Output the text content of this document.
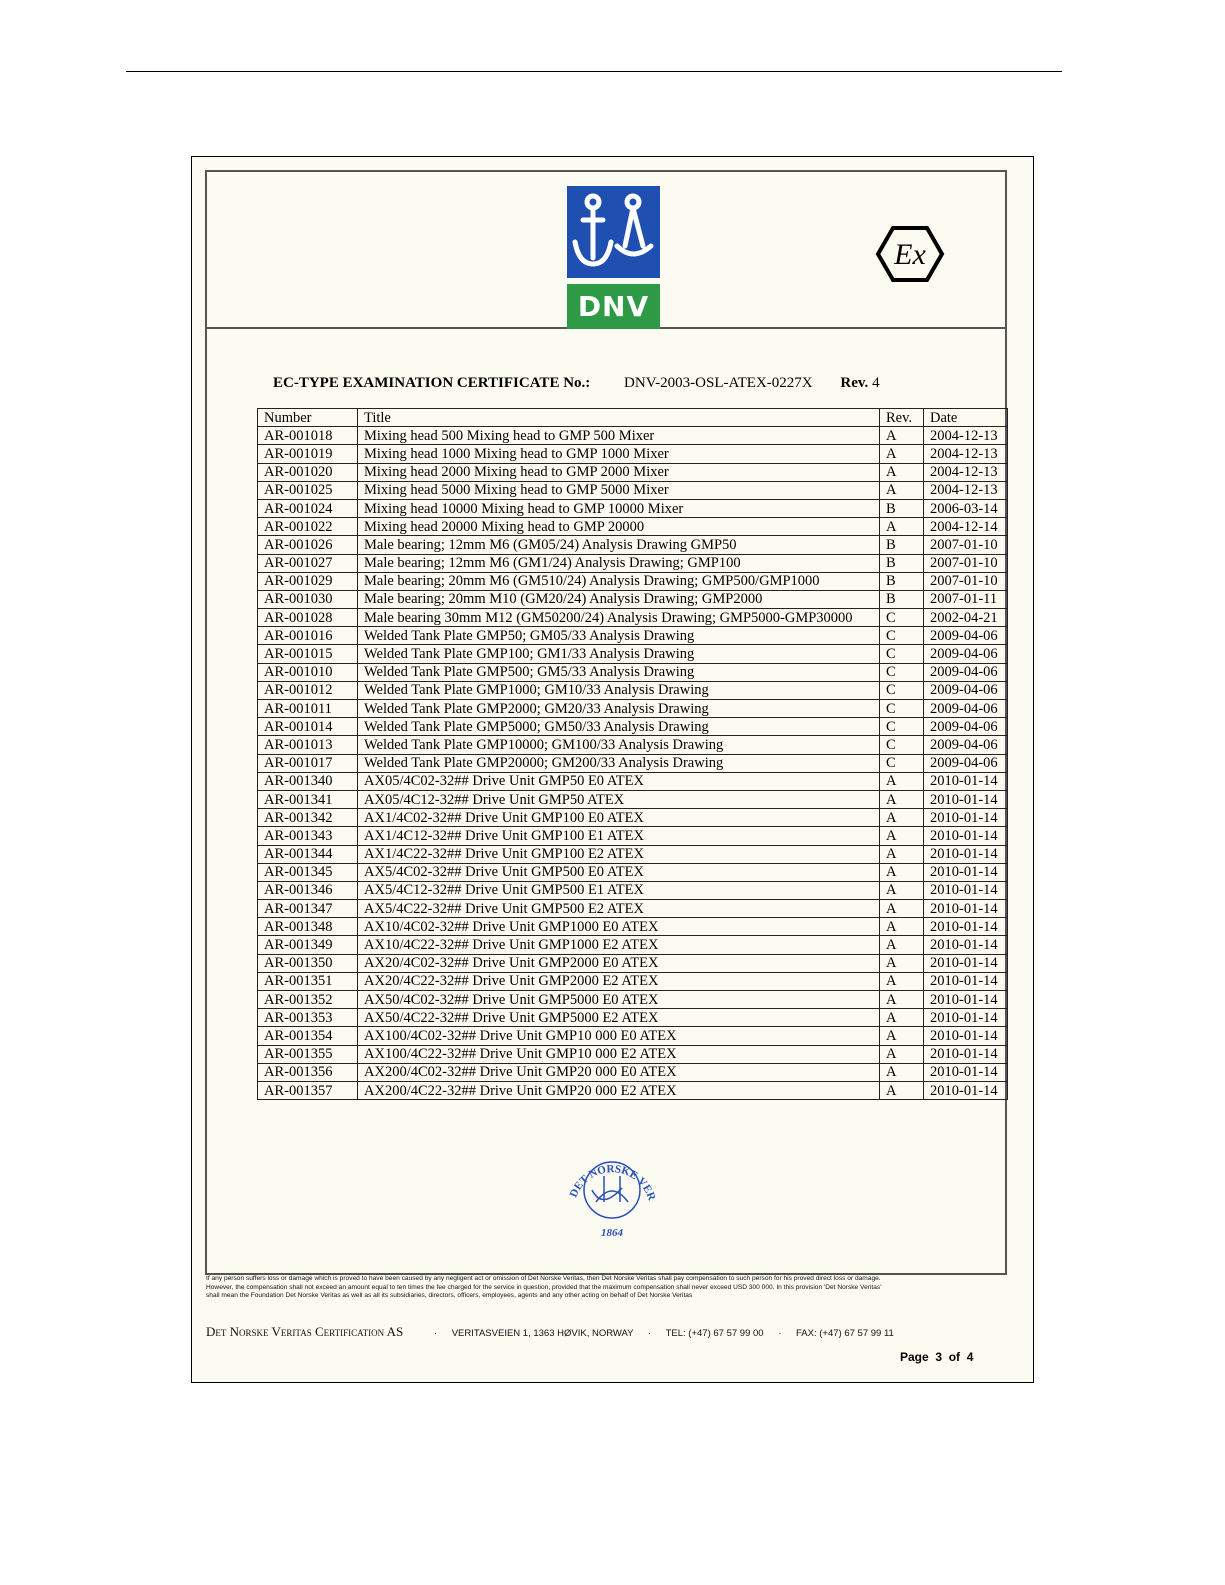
DNV
Ex
EC-TYPE EXAMINATION CERTIFICATE No.: DNV-2003-OSL-ATEX-0227X Rev. 4
Number	Title	Rev.	Date
AR-001018	Mixing head 500 Mixing head to GMP 500 Mixer	A	2004-12-13
AR-001019	Mixing head 1000 Mixing head to GMP 1000 Mixer	A	2004-12-13
AR-001020	Mixing head 2000 Mixing head to GMP 2000 Mixer	A	2004-12-13
AR-001025	Mixing head 5000 Mixing head to GMP 5000 Mixer	A	2004-12-13
AR-001024	Mixing head 10000 Mixing head to GMP 10000 Mixer	B	2006-03-14
AR-001022	Mixing head 20000 Mixing head to GMP 20000	A	2004-12-14
AR-001026	Male bearing; 12mm M6 (GM05/24) Analysis Drawing GMP50	B	2007-01-10
AR-001027	Male bearing; 12mm M6 (GM1/24) Analysis Drawing; GMP100	B	2007-01-10
AR-001029	Male bearing; 20mm M6 (GM510/24) Analysis Drawing; GMP500/GMP1000	B	2007-01-10
AR-001030	Male bearing; 20mm M10 (GM20/24) Analysis Drawing; GMP2000	B	2007-01-11
AR-001028	Male bearing 30mm M12 (GM50200/24) Analysis Drawing; GMP5000-GMP30000	C	2002-04-21
AR-001016	Welded Tank Plate GMP50; GM05/33 Analysis Drawing	C	2009-04-06
AR-001015	Welded Tank Plate GMP100; GM1/33 Analysis Drawing	C	2009-04-06
AR-001010	Welded Tank Plate GMP500; GM5/33 Analysis Drawing	C	2009-04-06
AR-001012	Welded Tank Plate GMP1000; GM10/33 Analysis Drawing	C	2009-04-06
AR-001011	Welded Tank Plate GMP2000; GM20/33 Analysis Drawing	C	2009-04-06
AR-001014	Welded Tank Plate GMP5000; GM50/33 Analysis Drawing	C	2009-04-06
AR-001013	Welded Tank Plate GMP10000; GM100/33 Analysis Drawing	C	2009-04-06
AR-001017	Welded Tank Plate GMP20000; GM200/33 Analysis Drawing	C	2009-04-06
AR-001340	AX05/4C02-32## Drive Unit GMP50 E0 ATEX	A	2010-01-14
AR-001341	AX05/4C12-32## Drive Unit GMP50 ATEX	A	2010-01-14
AR-001342	AX1/4C02-32## Drive Unit GMP100 E0 ATEX	A	2010-01-14
AR-001343	AX1/4C12-32## Drive Unit GMP100 E1 ATEX	A	2010-01-14
AR-001344	AX1/4C22-32## Drive Unit GMP100 E2 ATEX	A	2010-01-14
AR-001345	AX5/4C02-32## Drive Unit GMP500 E0 ATEX	A	2010-01-14
AR-001346	AX5/4C12-32## Drive Unit GMP500 E1 ATEX	A	2010-01-14
AR-001347	AX5/4C22-32## Drive Unit GMP500 E2 ATEX	A	2010-01-14
AR-001348	AX10/4C02-32## Drive Unit GMP1000 E0 ATEX	A	2010-01-14
AR-001349	AX10/4C22-32## Drive Unit GMP1000 E2 ATEX	A	2010-01-14
AR-001350	AX20/4C02-32## Drive Unit GMP2000 E0 ATEX	A	2010-01-14
AR-001351	AX20/4C22-32## Drive Unit GMP2000 E2 ATEX	A	2010-01-14
AR-001352	AX50/4C02-32## Drive Unit GMP5000 E0 ATEX	A	2010-01-14
AR-001353	AX50/4C22-32## Drive Unit GMP5000 E2 ATEX	A	2010-01-14
AR-001354	AX100/4C02-32## Drive Unit GMP10 000 E0 ATEX	A	2010-01-14
AR-001355	AX100/4C22-32## Drive Unit GMP10 000 E2 ATEX	A	2010-01-14
AR-001356	AX200/4C02-32## Drive Unit GMP20 000 E0 ATEX	A	2010-01-14
AR-001357	AX200/4C22-32## Drive Unit GMP20 000 E2 ATEX	A	2010-01-14
DET NORSKE VER
1864
If any person suffers loss or damage which is proved to have been caused by any negligent act or omission of Det Norske Veritas, then Det Norske Veritas shall pay compensation to such person for his proved direct loss or damage.
However, the compensation shall not exceed an amount equal to ten times the fee charged for the service in question, provided that the maximum compensation shall never exceed USD 300 000. In this provision 'Det Norske Veritas'
shall mean the Foundation Det Norske Veritas as well as all its subsidiaries, directors, officers, employees, agents and any other acting on behalf of Det Norske Veritas
Det Norske Veritas Certification AS	· VERITASVEIEN 1, 1363 HØVIK, NORWAY · TEL: (+47) 67 57 99 00 · FAX: (+47) 67 57 99 11
Page 3 of 4
